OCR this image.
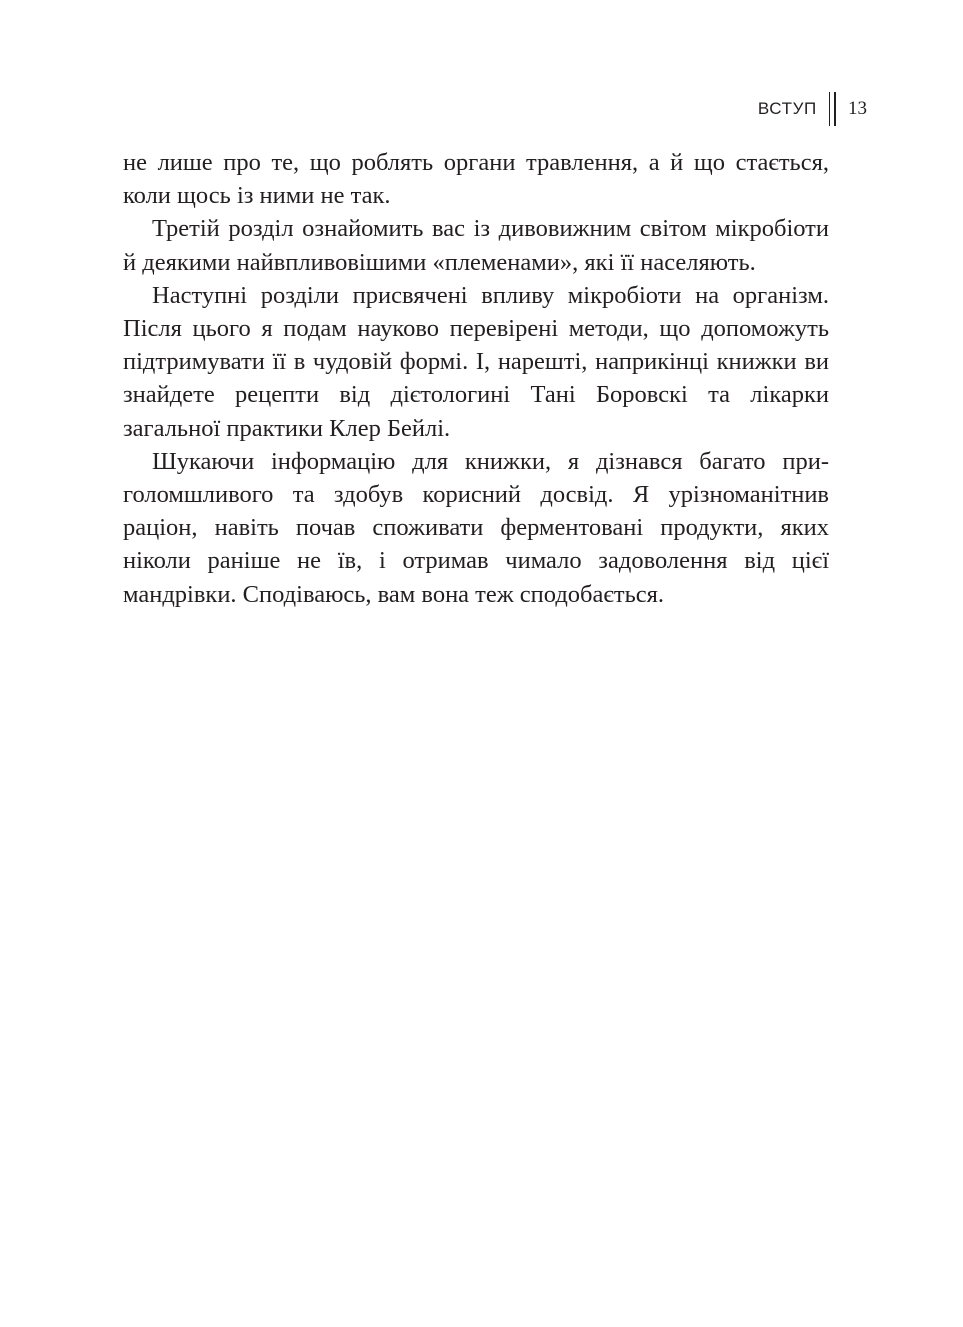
ВСТУП 13

не лише про те, що роблять органи травлення, а й що стається, коли щось із ними не так.

Третій розділ ознайомить вас із дивовижним світом мікробіоти й деякими найвпливовішими «племенами», які її населяють.

Наступні розділи присвячені впливу мікробіоти на організм. Після цього я подам науково перевірені методи, що допоможуть підтримувати її в чудовій формі. І, нарешті, наприкінці книжки ви знайдете рецепти від дієтологині Тані Боровскі та лікарки загальної практики Клер Бейлі.

Шукаючи інформацію для книжки, я дізнався багато приголомшливого та здобув корисний досвід. Я урізноманітнив раціон, навіть почав споживати ферментовані продукти, яких ніколи раніше не їв, і отримав чимало задоволення від цієї мандрівки. Сподіваюсь, вам вона теж сподобається.
